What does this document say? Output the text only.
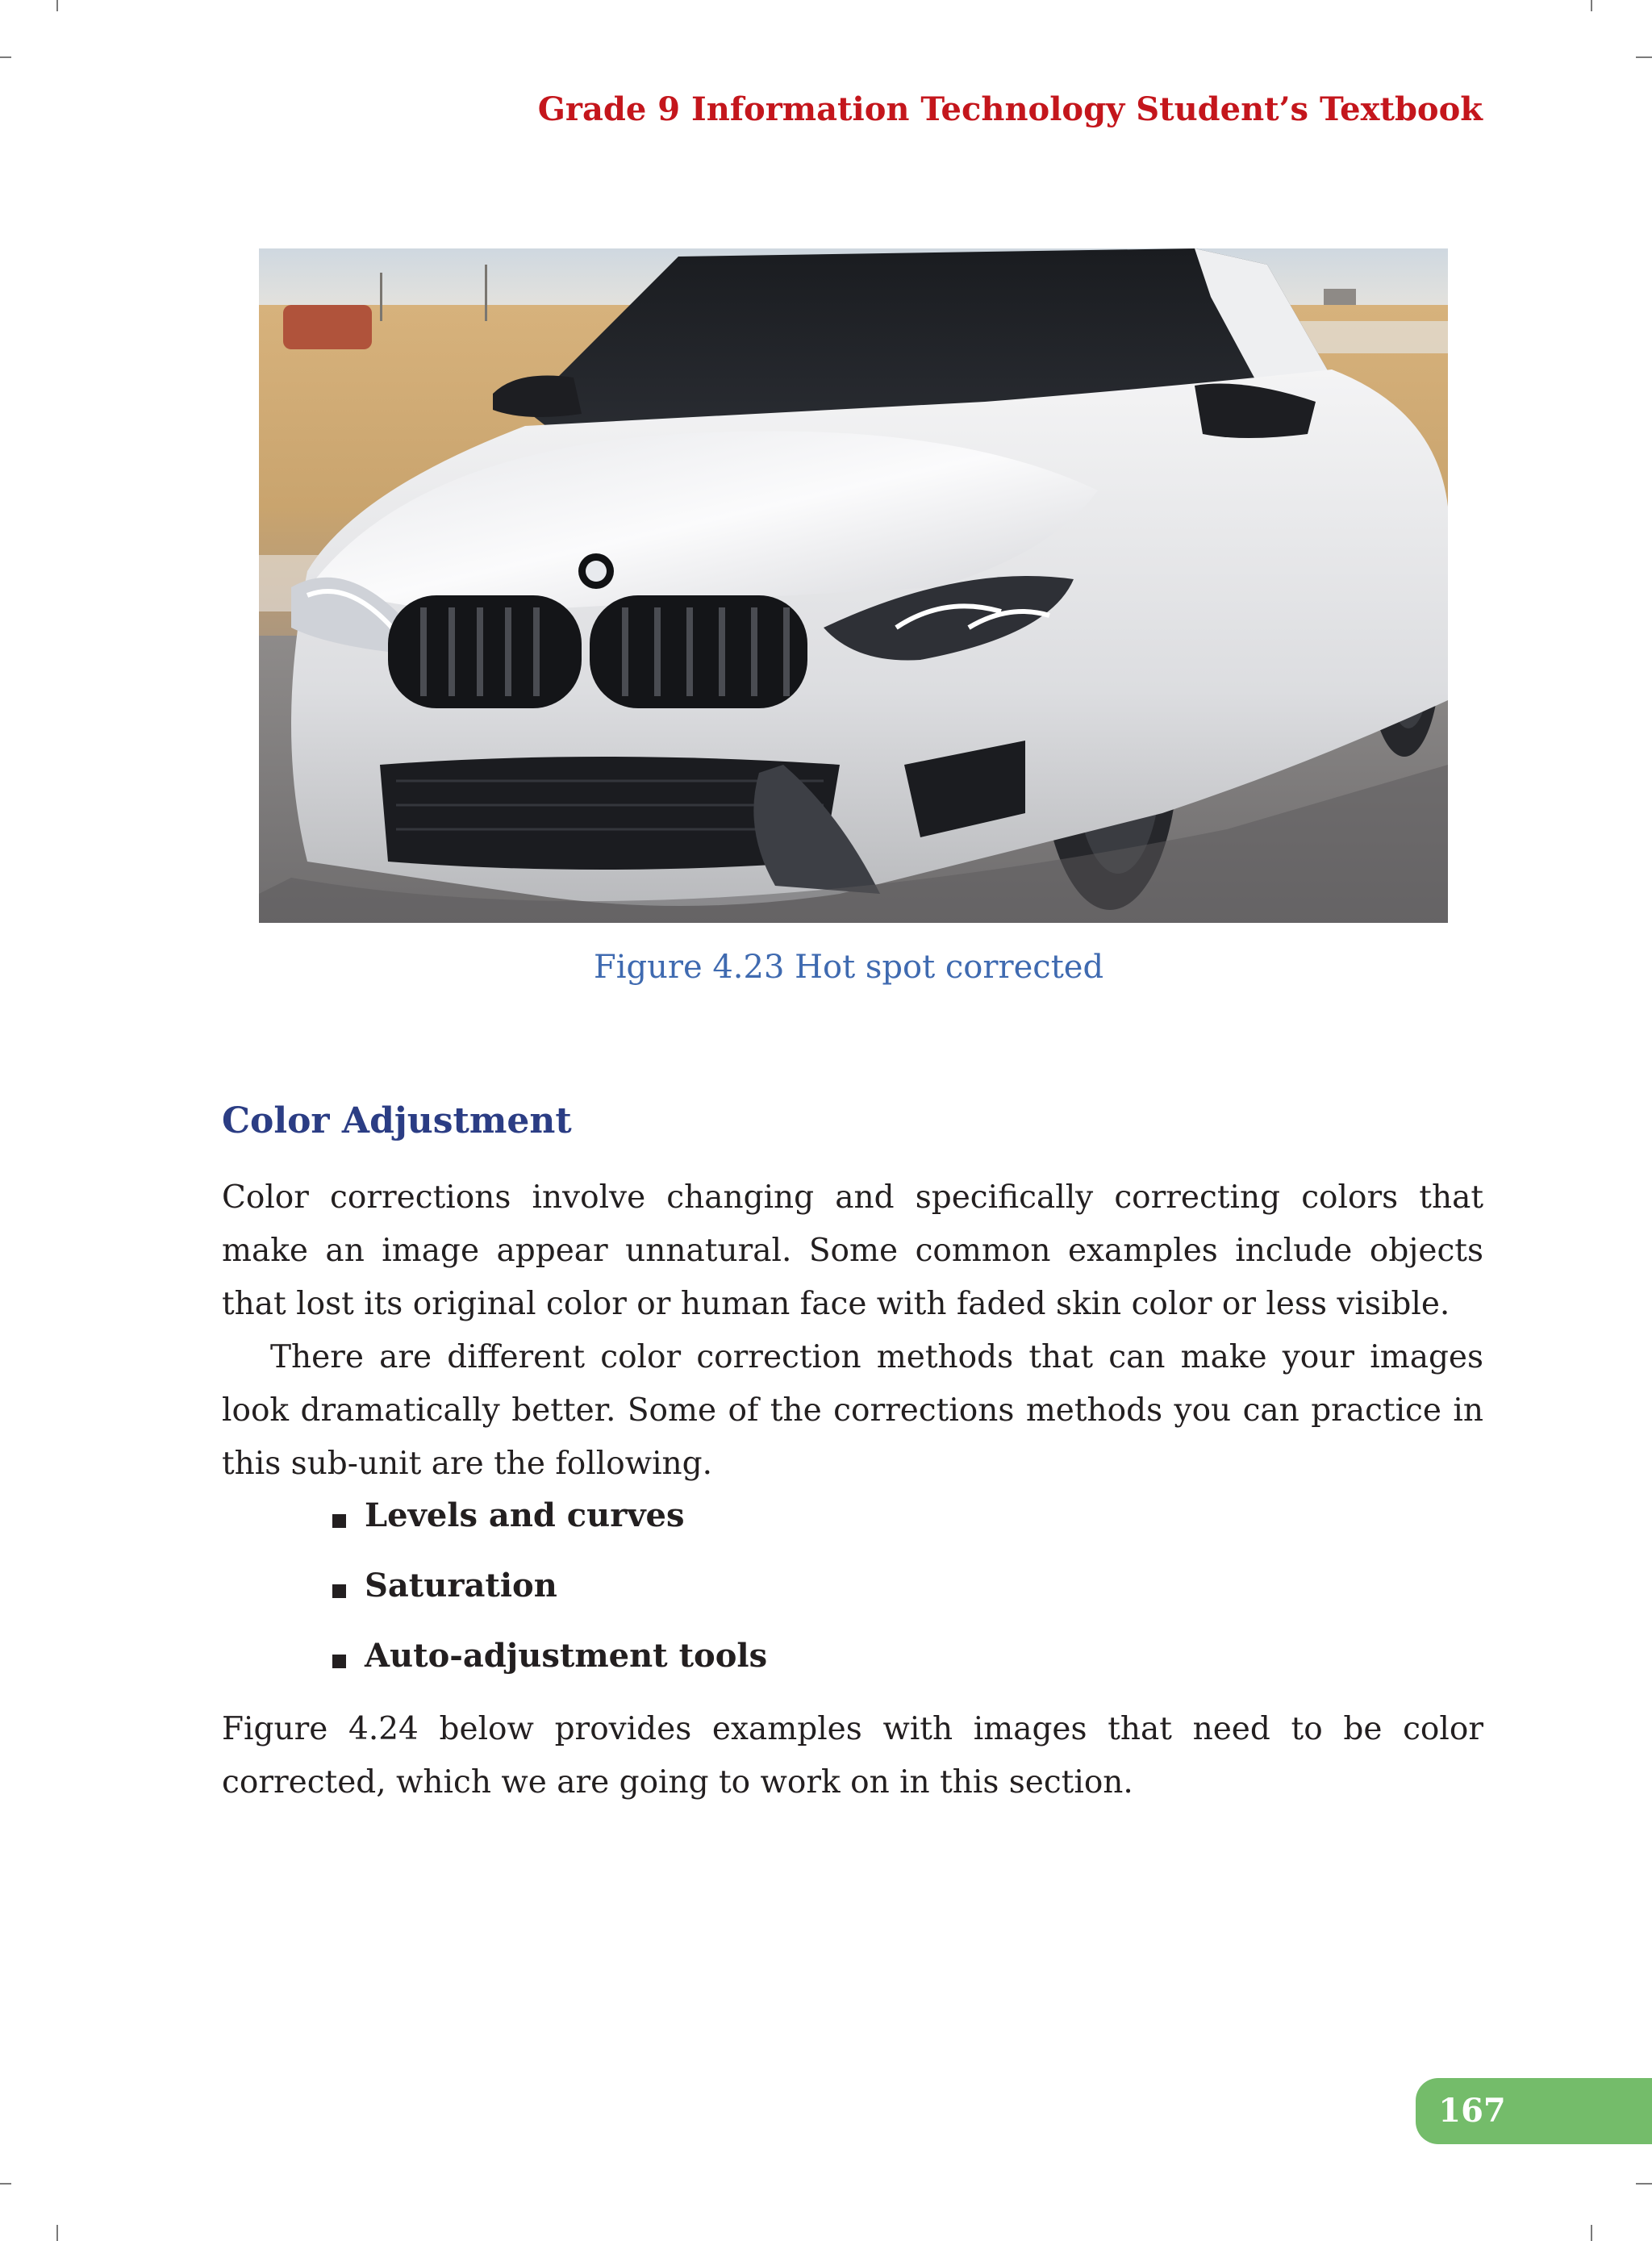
Grade 9 Information Technology Student’s Textbook
Figure 4.23 Hot spot corrected
Color Adjustment

Color corrections involve changing and specifically correcting colors that make an image appear unnatural. Some common examples include objects that lost its original color or human face with faded skin color or less visible.

There are different color correction methods that can make your images look dramatically better. Some of the corrections methods you can practice in this sub-unit are the following.

Levels and curves
Saturation
Auto-adjustment tools

Figure 4.24 below provides examples with images that need to be color corrected, which we are going to work on in this section.

167
